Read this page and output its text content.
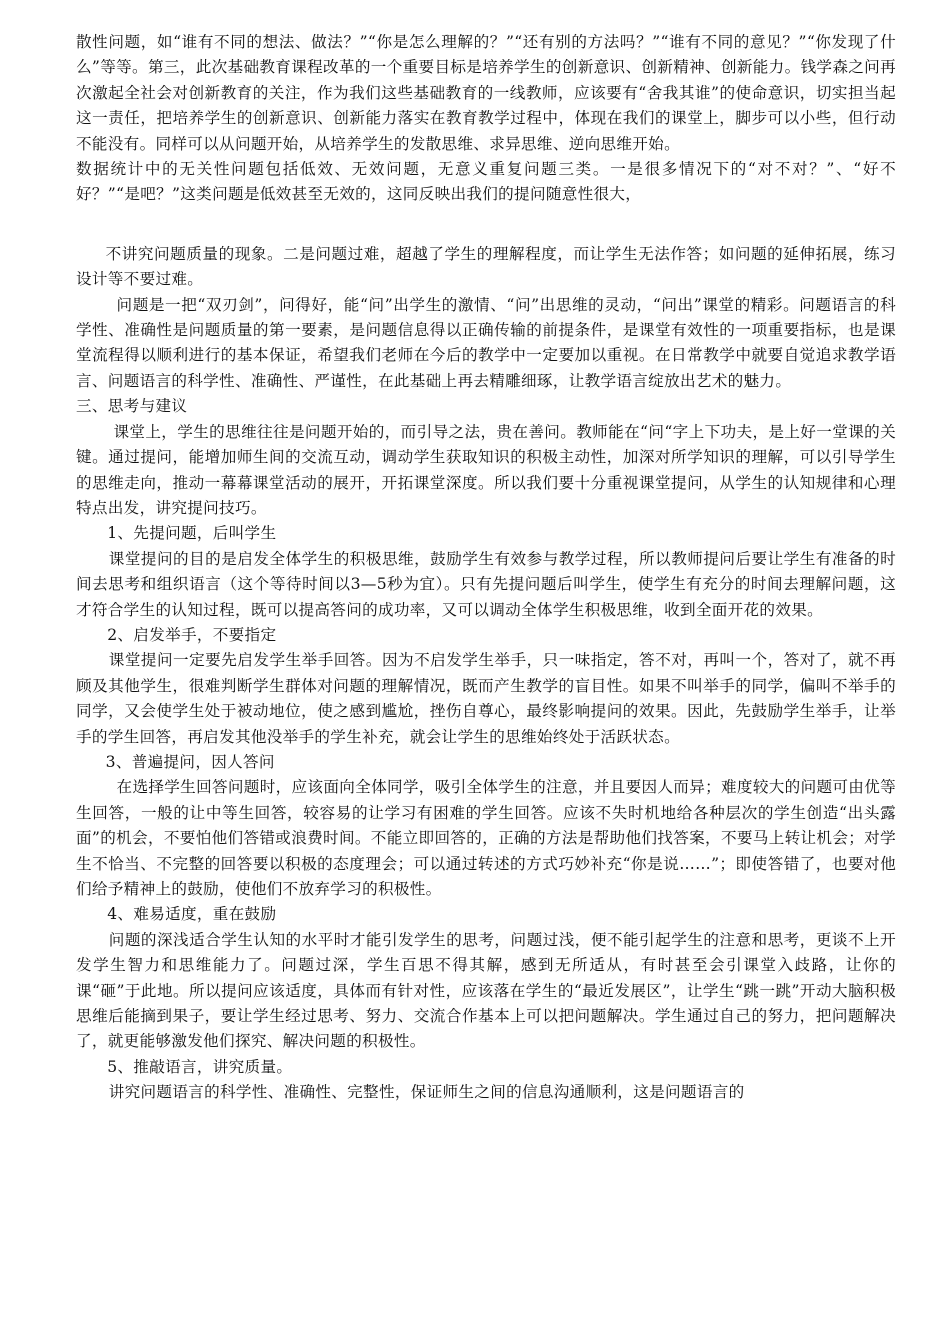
散性问题，如“谁有不同的想法、做法？”“你是怎么理解的？”“还有别的方法吗？”“谁有不同的意见？”“你发现了什么”等等。第三，此次基础教育课程改革的一个重要目标是培养学生的创新意识、创新精神、创新能力。钱学森之问再次激起全社会对创新教育的关注，作为我们这些基础教育的一线教师，应该要有“舍我其谁”的使命意识，切实担当起这一责任，把培养学生的创新意识、创新能力落实在教育教学过程中，体现在我们的课堂上，脚步可以小些，但行动不能没有。同样可以从问题开始，从培养学生的发散思维、求异思维、逆向思维开始。

数据统计中的无关性问题包括低效、无效问题，无意义重复问题三类。一是很多情况下的“对不对？”、“好不好？”“是吧？”这类问题是低效甚至无效的，这同反映出我们的提问随意性很大，

不讲究问题质量的现象。二是问题过难，超越了学生的理解程度，而让学生无法作答；如问题的延伸拓展，练习设计等不要过难。

问题是一把“双刃剑”，问得好，能“问”出学生的激情、“问”出思维的灵动，“问出”课堂的精彩。问题语言的科学性、准确性是问题质量的第一要素，是问题信息得以正确传输的前提条件，是课堂有效性的一项重要指标，也是课堂流程得以顺利进行的基本保证，希望我们老师在今后的教学中一定要加以重视。在日常教学中就要自觉追求教学语言、问题语言的科学性、准确性、严谨性，在此基础上再去精雕细琢，让教学语言绽放出艺术的魅力。

三、思考与建议

课堂上，学生的思维往往是问题开始的，而引导之法，贵在善问。教师能在“问“字上下功夫，是上好一堂课的关键。通过提问，能增加师生间的交流互动，调动学生获取知识的积极主动性，加深对所学知识的理解，可以引导学生的思维走向，推动一幕幕课堂活动的展开，开拓课堂深度。所以我们要十分重视课堂提问，从学生的认知规律和心理特点出发，讲究提问技巧。

1、先提问题，后叫学生

课堂提问的目的是启发全体学生的积极思维，鼓励学生有效参与教学过程，所以教师提问后要让学生有准备的时间去思考和组织语言（这个等待时间以3—5秒为宜）。只有先提问题后叫学生，使学生有充分的时间去理解问题，这才符合学生的认知过程，既可以提高答问的成功率，又可以调动全体学生积极思维，收到全面开花的效果。

2、启发举手，不要指定

课堂提问一定要先启发学生举手回答。因为不启发学生举手，只一味指定，答不对，再叫一个，答对了，就不再顾及其他学生，很难判断学生群体对问题的理解情况，既而产生教学的盲目性。如果不叫举手的同学，偏叫不举手的同学，又会使学生处于被动地位，使之感到尴尬，挫伤自尊心，最终影响提问的效果。因此，先鼓励学生举手，让举手的学生回答，再启发其他没举手的学生补充，就会让学生的思维始终处于活跃状态。

3、普遍提问，因人答问

在选择学生回答问题时，应该面向全体同学，吸引全体学生的注意，并且要因人而异；难度较大的问题可由优等生回答，一般的让中等生回答，较容易的让学习有困难的学生回答。应该不失时机地给各种层次的学生创造“出头露面”的机会，不要怕他们答错或浪费时间。不能立即回答的，正确的方法是帮助他们找答案，不要马上转让机会；对学生不恰当、不完整的回答要以积极的态度理会；可以通过转述的方式巧妙补充“你是说……”；即使答错了，也要对他们给予精神上的鼓励，使他们不放弃学习的积极性。

4、难易适度，重在鼓励

问题的深浅适合学生认知的水平时才能引发学生的思考，问题过浅，便不能引起学生的注意和思考，更谈不上开发学生智力和思维能力了。问题过深，学生百思不得其解，感到无所适从，有时甚至会引课堂入歧路，让你的课“砸”于此地。所以提问应该适度，具体而有针对性，应该落在学生的“最近发展区”，让学生“跳一跳”开动大脑积极思维后能摘到果子，要让学生经过思考、努力、交流合作基本上可以把问题解决。学生通过自己的努力，把问题解决了，就更能够激发他们探究、解决问题的积极性。

5、推敲语言，讲究质量。

讲究问题语言的科学性、准确性、完整性，保证师生之间的信息沟通顺利，这是问题语言的
